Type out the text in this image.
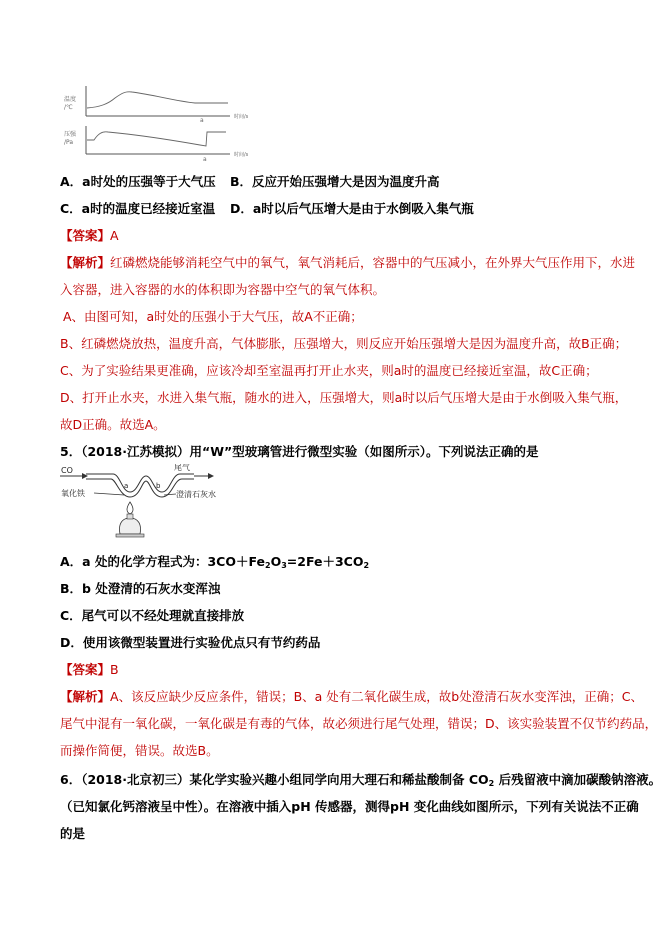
温度
/℃
时间/s
a
压强
/Pa
时间/s
a
A．a时处的压强等于大气压 B．反应开始压强增大是因为温度升高
C．a时的温度已经接近室温 D．a时以后气压增大是由于水倒吸入集气瓶
【答案】A
【解析】红磷燃烧能够消耗空气中的氧气，氧气消耗后，容器中的气压减小，在外界大气压作用下，水进
入容器，进入容器的水的体积即为容器中空气的氧气体积。
A、由图可知，a时处的压强小于大气压，故A不正确；
B、红磷燃烧放热，温度升高，气体膨胀，压强增大，则反应开始压强增大是因为温度升高，故B正确；
C、为了实验结果更准确，应该冷却至室温再打开止水夹，则a时的温度已经接近室温，故C正确；
D、打开止水夹，水进入集气瓶，随水的进入，压强增大，则a时以后气压增大是由于水倒吸入集气瓶，
故D正确。故选A。
5．（2018·江苏模拟）用“W”型玻璃管进行微型实验（如图所示）。下列说法正确的是
CO	尾气
a	b
氧化铁	澄清石灰水
A．a 处的化学方程式为：$3CO+Fe_2O_3=2Fe+3CO_2$
B．b 处澄清的石灰水变浑浊
C．尾气可以不经处理就直接排放
D．使用该微型装置进行实验优点只有节约药品
【答案】B
【解析】A、该反应缺少反应条件，错误；B、a 处有二氧化碳生成，故b处澄清石灰水变浑浊，正确；C、
尾气中混有一氧化碳，一氧化碳是有毒的气体，故必须进行尾气处理，错误；D、该实验装置不仅节约药品，
而操作简便，错误。故选B。
6．（2018·北京初三）某化学实验兴趣小组同学向用大理石和稀盐酸制备 $CO_2$ 后残留液中滴加碳酸钠溶液。
（已知氯化钙溶液呈中性）。在溶液中插入pH 传感器，测得pH 变化曲线如图所示，下列有关说法不正确
的是
